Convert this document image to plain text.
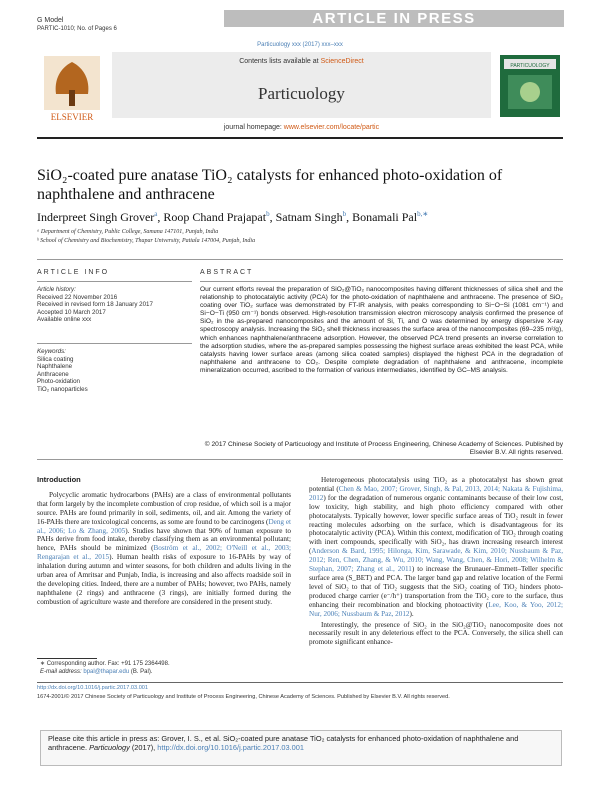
G Model
PARTIC-1010; No. of Pages 6
ARTICLE IN PRESS
Particuology xxx (2017) xxx–xxx
ELSEVIER
Contents lists available at ScienceDirect
Particuology
PARTICUOLOGY
journal homepage: www.elsevier.com/locate/partic
SiO₂-coated pure anatase TiO₂ catalysts for enhanced photo-oxidation of naphthalene and anthracene
Inderpreet Singh Grover$^a$, Roop Chand Prajapat$^b$, Satnam Singh$^b$, Bonamali Pal$^{b,∗}$
ᵃ Department of Chemistry, Public College, Samana 147101, Punjab, India
ᵇ School of Chemistry and Biochemistry, Thapar University, Patiala 147004, Punjab, India
ARTICLE INFO	ABSTRACT
Article history:
Received 22 November 2016
Received in revised form 18 January 2017
Accepted 10 March 2017
Available online xxx
Keywords:
Silica coating
Naphthalene
Anthracene
Photo-oxidation
TiO₂ nanoparticles
Our current efforts reveal the preparation of SiO₂@TiO₂ nanocomposites having different thicknesses of silica shell and the relationship to photocatalytic activity (PCA) for the photo-oxidation of naphthalene and anthracene. The presence of SiO₂ coating over TiO₂ surface was demonstrated by FT-IR analysis, with peaks corresponding to Si−O−Si (1081 cm⁻¹) and Si−O−Ti (950 cm⁻¹) bonds observed. High-resolution transmission electron microscopy analysis confirmed the presence of SiO₂ in the as-prepared nanocomposites and the amount of Si, Ti, and O was determined by energy dispersive X-ray spectroscopy analysis. Increasing the SiO₂ shell thickness increases the surface area of the nanocomposites (69–235 m²/g), which enhances naphthalene/anthracene adsorption. However, the observed PCA trend presents an inverse correlation to the adsorption studies, where the as-prepared samples possessing the highest surface areas exhibited the least PCA, while catalysts having lower surface areas (among silica coated samples) displayed the highest PCA in the degradation of naphthalene and anthracene to CO₂. Despite complete degradation of naphthalene and anthracene, incomplete mineralization occurred, ascribed to the formation of various intermediates, identified by GC–MS analysis.
© 2017 Chinese Society of Particuology and Institute of Process Engineering, Chinese Academy of Sciences. Published by Elsevier B.V. All rights reserved.
Introduction

Polycyclic aromatic hydrocarbons (PAHs) are a class of environmental pollutants that form largely by the incomplete combustion of crop residue, of which soil is a major source. PAHs are found primarily in soil, sediments, oil, and air. Among the variety of 16-PAHs there are toxicological concerns, as some are found to be carcinogens (Deng et al., 2006; Lo & Zhang, 2005). Studies have shown that 90% of human exposure to PAHs derive from food intake, thereby classifying them as an environmental pollutant; hence, PAHs should be minimized (Boström et al., 2002; O'Neill et al., 2003; Rengarajan et al., 2015). Human health risks of exposure to 16-PAHs by way of inhalation during autumn and winter seasons, for both children and adults living in the urban area of Amritsar and Punjab, India, is increasing and also affects roadside soil in the developing cities. Indeed, there are a number of PAHs; however, two PAHs, namely naphthalene (2 rings) and anthracene (3 rings), are initially formed during the combustion of agriculture waste and therefore are considered in the present study.

Heterogeneous photocatalysis using TiO₂ as a photocatalyst has shown great potential (Chen & Mao, 2007; Grover, Singh, & Pal, 2013, 2014; Nakata & Fujishima, 2012) for the degradation of numerous organic contaminants because of their low cost, low toxicity, high stability, and high photo efficiency compared with other photocatalysts. Typically however, lower specific surface areas of TiO₂ result in fewer reacting molecules adsorbing on the surface, which is disadvantageous for its photocatalytic activity (PCA). Within this context, modification of TiO₂ through coating with inert compounds, specifically with SiO₂, has drawn increasing research interest (Anderson & Bard, 1995; Hilonga, Kim, Sarawade, & Kim, 2010; Nussbaum & Paz, 2012; Ren, Chen, Zhang, & Wu, 2010; Wang, Wang, Chen, & Hori, 2008; Wilhelm & Stephan, 2007; Zhang et al., 2011) to increase the Brunauer–Emmett–Teller specific surface area (S_BET) and PCA. The larger band gap and relative location of the Fermi level of SiO₂ to that of TiO₂ suggests that the SiO₂ coating of TiO₂ hinders photo-produced charge carrier (e⁻/h⁺) transportation from the TiO₂ core to the surface, thus enhancing their recombination and blocking photoactivity (Lee, Koo, & Yoo, 2012; Nur, 2006; Nussbaum & Paz, 2012).

Interestingly, the presence of SiO₂ in the SiO₂@TiO₂ nanocomposite does not necessarily result in any deleterious effect to the PCA. Conversely, the silica shell can promote significant enhance-

∗ Corresponding author. Fax: +91 175 2364498.
E-mail address: bpal@thapar.edu (B. Pal).
http://dx.doi.org/10.1016/j.partic.2017.03.001
1674-2001/© 2017 Chinese Society of Particuology and Institute of Process Engineering, Chinese Academy of Sciences. Published by Elsevier B.V. All rights reserved.
Please cite this article in press as: Grover, I. S., et al. SiO₂-coated pure anatase TiO₂ catalysts for enhanced photo-oxidation of naphthalene and anthracene. Particuology (2017), http://dx.doi.org/10.1016/j.partic.2017.03.001
